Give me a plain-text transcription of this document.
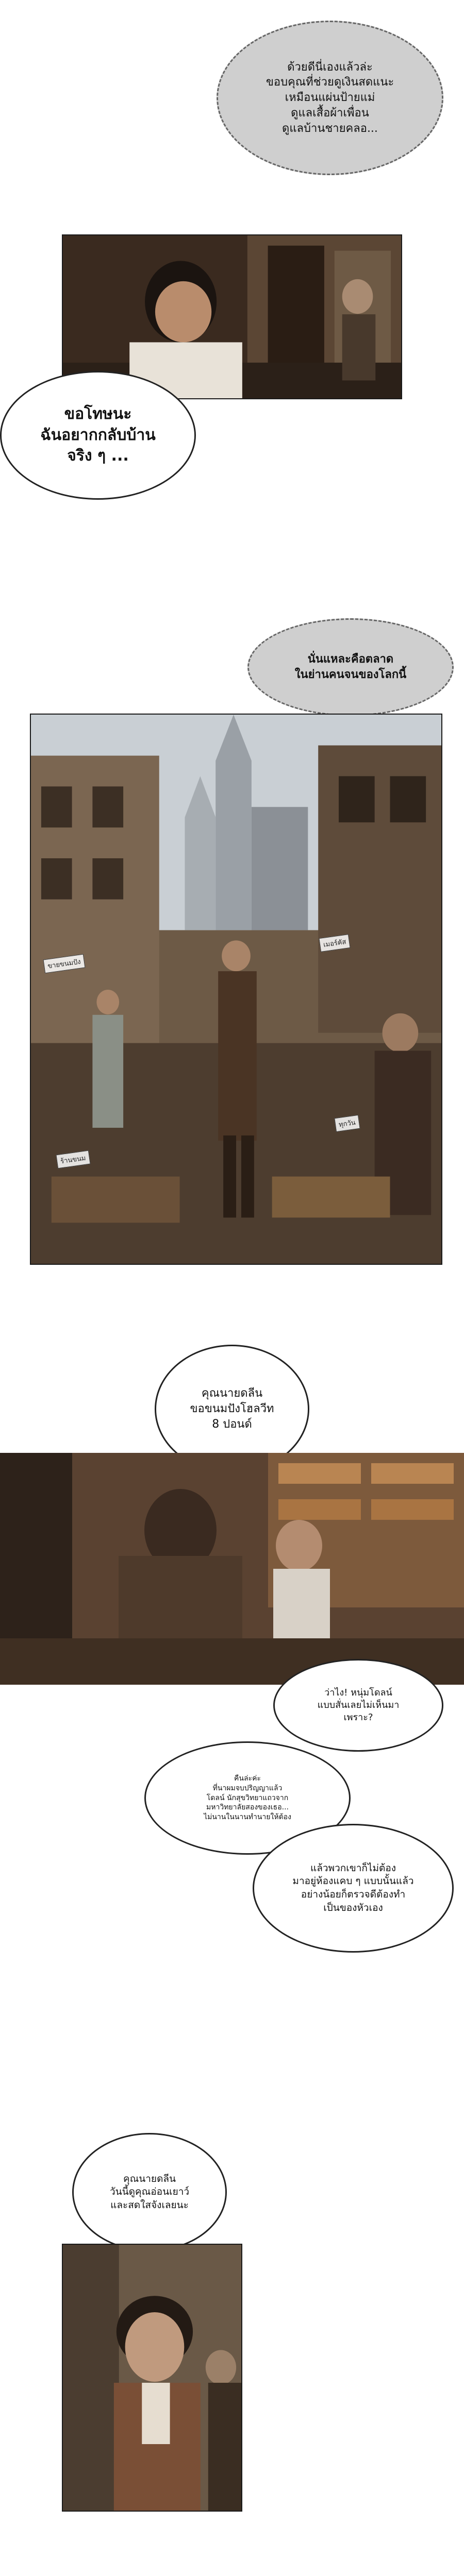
ด้วยดีนี่เองแล้วล่ะ
ขอบคุณที่ช่วยดูเงินสดแนะ
เหมือนแผ่นป้ายแม่
ดูแลเสื้อผ้าเพื่อน
ดูแลบ้านชายคลอ...
ขอโทษนะ
ฉันอยากกลับบ้าน
จริง ๆ ...
นั่นแหละคือตลาด
ในย่านคนจนของโลกนี้
ขายขนมปัง
เมอร์คัส
ร้านขนม
ทุกวัน
คุณนายดลีน
ขอขนมปังโฮลวีท
8 ปอนด์
ว่าไง! หนุ่มโดลน์
แบบสั่นเลยไม่เห็นมา
เพราะ?
คืนล่ะค่ะ
ที่นาผมจบปริญญาแล้ว
โดลน์ นักสุขวิทยาแถวจาก
มหาวิทยาลัยสองของเธอ...
ไม่นานในนานทำนายให้ต้อง
แล้วพวกเขาก็ไม่ต้อง
มาอยู่ห้องแคบ ๆ แบบนั้นแล้ว
อย่างน้อยก็ตรวจดีต้องทำ
เป็นของหัวเอง
คุณนายดลีน
วันนี้ดูคุณอ่อนเยาว์
และสดใสจังเลยนะ
